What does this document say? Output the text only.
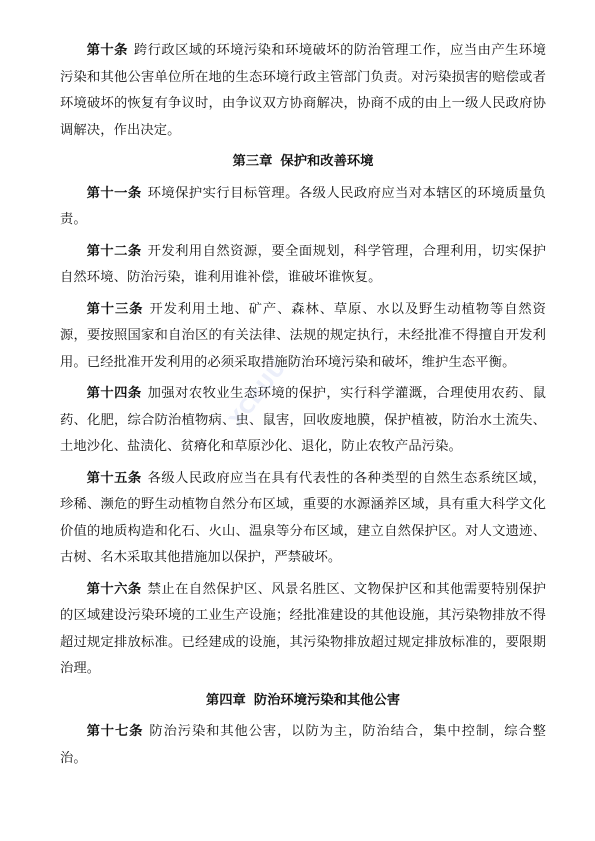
XCBUU

第十条 跨行政区域的环境污染和环境破坏的防治管理工作，应当由产生环境污染和其他公害单位所在地的生态环境行政主管部门负责。对污染损害的赔偿或者环境破坏的恢复有争议时，由争议双方协商解决，协商不成的由上一级人民政府协调解决，作出决定。

第三章 保护和改善环境

第十一条 环境保护实行目标管理。各级人民政府应当对本辖区的环境质量负责。

第十二条 开发利用自然资源，要全面规划，科学管理，合理利用，切实保护自然环境、防治污染，谁利用谁补偿，谁破坏谁恢复。

第十三条 开发利用土地、矿产、森林、草原、水以及野生动植物等自然资源，要按照国家和自治区的有关法律、法规的规定执行，未经批准不得擅自开发利用。已经批准开发利用的必须采取措施防治环境污染和破坏，维护生态平衡。

第十四条 加强对农牧业生态环境的保护，实行科学灌溉，合理使用农药、鼠药、化肥，综合防治植物病、虫、鼠害，回收废地膜，保护植被，防治水土流失、土地沙化、盐渍化、贫瘠化和草原沙化、退化，防止农牧产品污染。

第十五条 各级人民政府应当在具有代表性的各种类型的自然生态系统区域，珍稀、濒危的野生动植物自然分布区域，重要的水源涵养区域，具有重大科学文化价值的地质构造和化石、火山、温泉等分布区域，建立自然保护区。对人文遗迹、古树、名木采取其他措施加以保护，严禁破坏。

第十六条 禁止在自然保护区、风景名胜区、文物保护区和其他需要特别保护的区域建设污染环境的工业生产设施；经批准建设的其他设施，其污染物排放不得超过规定排放标准。已经建成的设施，其污染物排放超过规定排放标准的，要限期治理。

第四章 防治环境污染和其他公害

第十七条 防治污染和其他公害，以防为主，防治结合，集中控制，综合整治。
